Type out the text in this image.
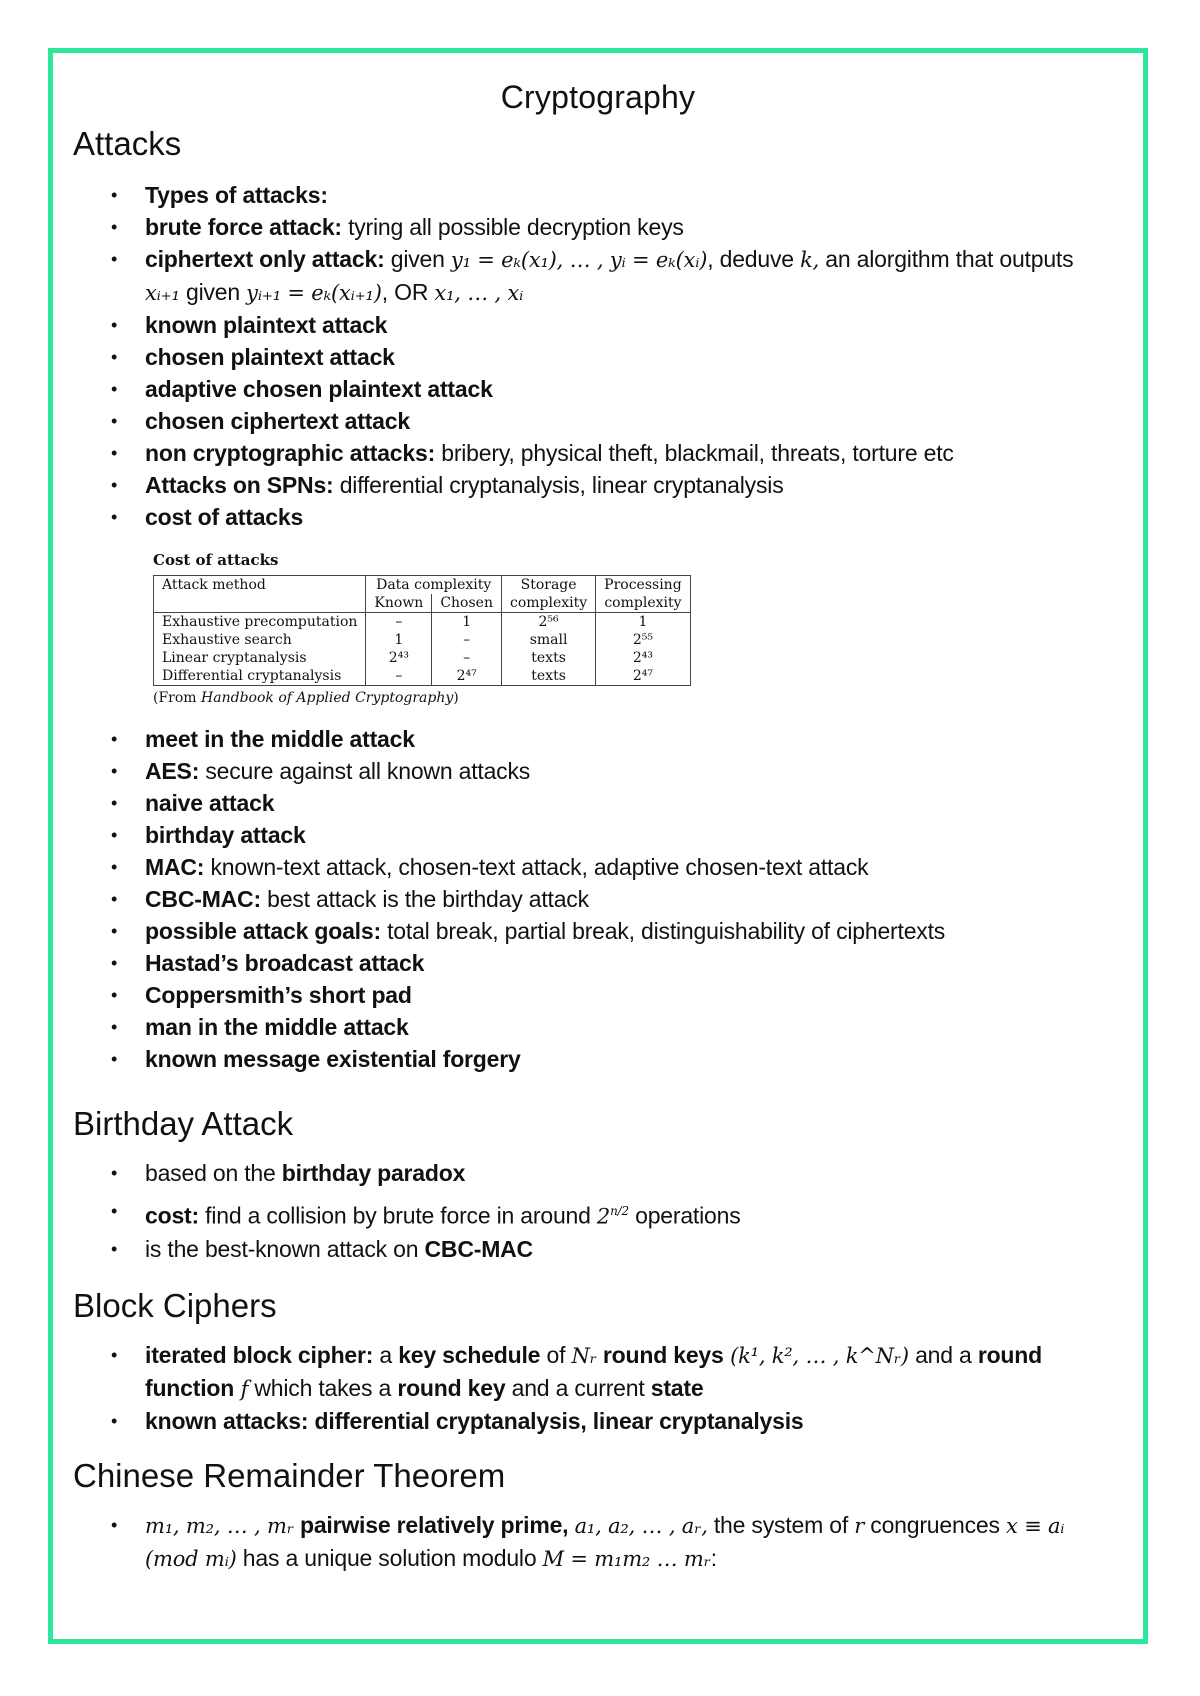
Cryptography
Attacks
• Types of attacks:
• brute force attack: tyring all possible decryption keys
• ciphertext only attack: given y₁ = eₖ(x₁), … , yᵢ = eₖ(xᵢ), deduve k, an alorgithm that outputs xᵢ₊₁ given yᵢ₊₁ = eₖ(xᵢ₊₁), OR x₁, … , xᵢ
• known plaintext attack
• chosen plaintext attack
• adaptive chosen plaintext attack
• chosen ciphertext attack
• non cryptographic attacks: bribery, physical theft, blackmail, threats, torture etc
• Attacks on SPNs: differential cryptanalysis, linear cryptanalysis
• cost of attacks
Cost of attacks
Attack method	Data complexity		Storage	Processing
	Known	Chosen	complexity	complexity
Exhaustive precomputation	–	1	2⁵⁶	1
Exhaustive search	1	–	small	2⁵⁵
Linear cryptanalysis	2⁴³	–	texts	2⁴³
Differential cryptanalysis	–	2⁴⁷	texts	2⁴⁷
(From Handbook of Applied Cryptography)
• meet in the middle attack
• AES: secure against all known attacks
• naive attack
• birthday attack
• MAC: known-text attack, chosen-text attack, adaptive chosen-text attack
• CBC-MAC: best attack is the birthday attack
• possible attack goals: total break, partial break, distinguishability of ciphertexts
• Hastad’s broadcast attack
• Coppersmith’s short pad
• man in the middle attack
• known message existential forgery
Birthday Attack
• based on the birthday paradox
• cost: find a collision by brute force in around $2^{n/2}$ operations
• is the best-known attack on CBC-MAC
Block Ciphers
• iterated block cipher: a key schedule of Nᵣ round keys (k¹, k², … , k^Nᵣ) and a round function f which takes a round key and a current state
• known attacks: differential cryptanalysis, linear cryptanalysis
Chinese Remainder Theorem
• m₁, m₂, … , mᵣ pairwise relatively prime, a₁, a₂, … , aᵣ, the system of r congruences x ≡ aᵢ (mod mᵢ) has a unique solution modulo M = m₁m₂ … mᵣ:
